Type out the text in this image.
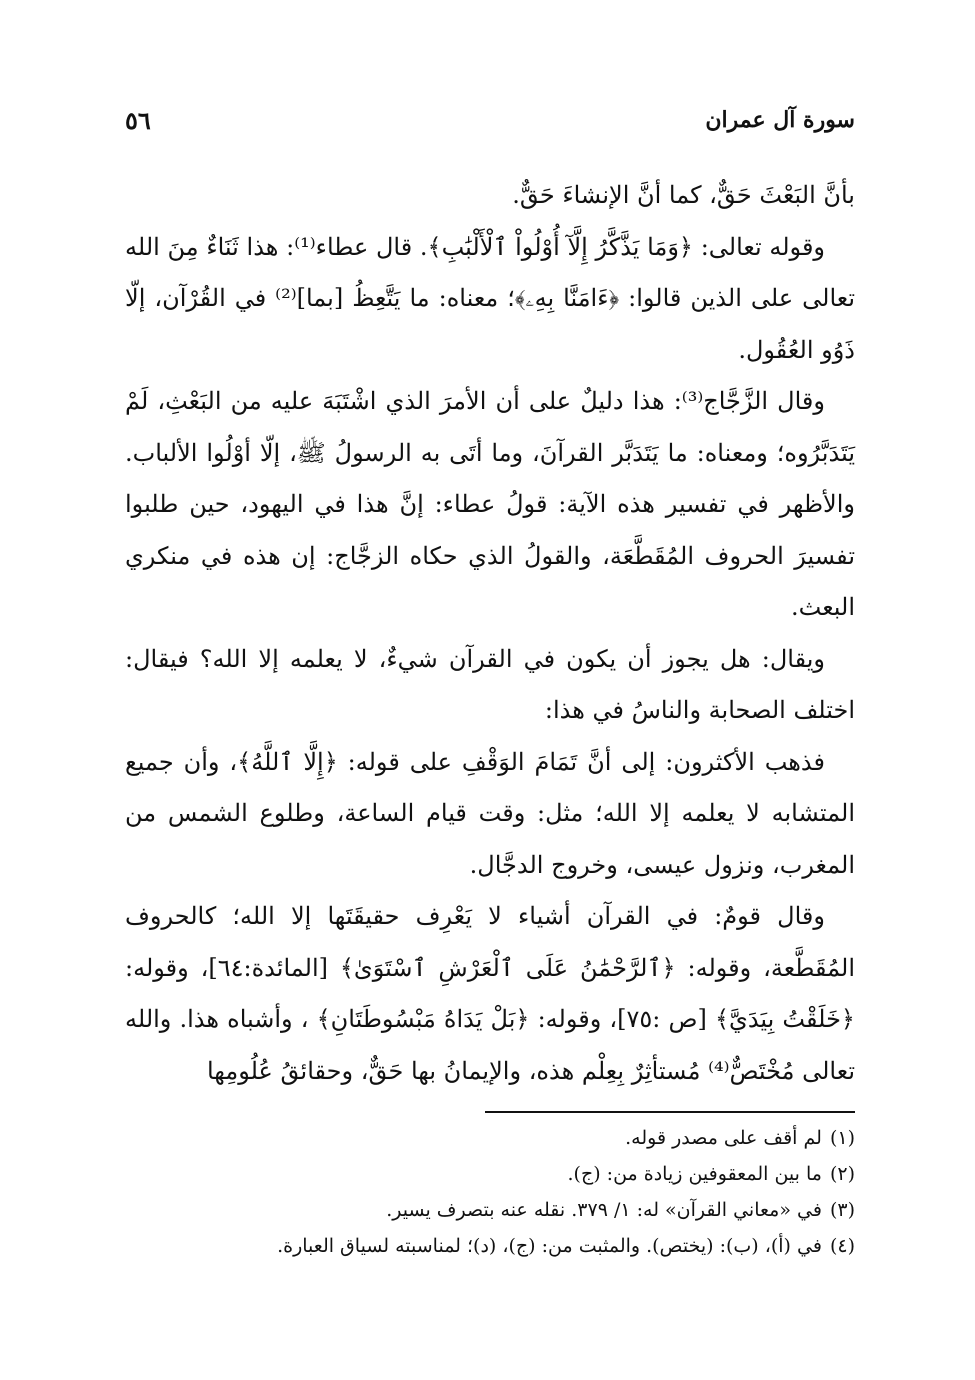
سورة آل عمران
٥٦

بأنَّ البَعْثَ حَقٌّ، كما أنَّ الإنشاءَ حَقٌّ.

وقوله تعالى: ﴿وَمَا يَذَّكَّرُ إِلَّآ أُوْلُواْ ٱلْأَلْبَٰبِ﴾. قال عطاء⁽¹⁾: هذا ثَنَاءٌ مِنَ الله تعالى على الذين قالوا: ﴿ءَامَنَّا بِهِۦ﴾؛ معناه: ما يَتَّعِظُ [بما]⁽²⁾ في القُرْآن، إلّا ذَوُو العُقُول.

وقال الزَّجَّاج⁽³⁾: هذا دليلٌ على أن الأمرَ الذي اشْتَبَهَ عليه من البَعْثِ، لَمْ يَتَدَبَّرُوه؛ ومعناه: ما يَتَدَبَّر القرآنَ، وما أتَى به الرسولُ ﷺ، إلّا أوْلُوا الألباب. والأظهر في تفسير هذه الآية: قولُ عطاء: إنَّ هذا في اليهود، حين طلبوا تفسيرَ الحروف المُقَطَّعَة، والقولُ الذي حكاه الزجَّاج: إن هذه في منكري البعث.

ويقال: هل يجوز أن يكون في القرآن شيءٌ، لا يعلمه إلا الله؟ فيقال: اختلف الصحابة والناسُ في هذا:

فذهب الأكثرون: إلى أنَّ تَمَامَ الوَقْفِ على قوله: ﴿إِلَّا ٱللَّهُ﴾، وأن جميع المتشابه لا يعلمه إلا الله؛ مثل: وقت قيام الساعة، وطلوع الشمس من المغرب، ونزول عيسى، وخروج الدجَّال.

وقال قومٌ: في القرآن أشياء لا يَعْرِف حقيقَتَها إلا الله؛ كالحروف المُقَطَّعة، وقوله: ﴿ٱلرَّحْمَٰنُ عَلَى ٱلْعَرْشِ ٱسْتَوَىٰ﴾ [المائدة:٦٤]، وقوله: ﴿خَلَقْتُ بِيَدَيَّ﴾ [ص :٧٥]، وقوله: ﴿بَلْ يَدَاهُ مَبْسُوطَتَانِ﴾ ، وأشباه هذا. والله تعالى مُخْتَصٌّ⁽⁴⁾ مُستأثِرٌ بِعِلْم هذه، والإيمانُ بها حَقٌّ، وحقائقُ عُلُومِها

(١)
لم أقف على مصدر قوله.
(٢)
ما بين المعقوفين زيادة من: (ج).
(٣)
في «معاني القرآن» له: ١/ ٣٧٩. نقله عنه بتصرف يسير.
(٤)
في (أ)، (ب): (يختص). والمثبت من: (ج)، (د)؛ لمناسبته لسياق العبارة.
